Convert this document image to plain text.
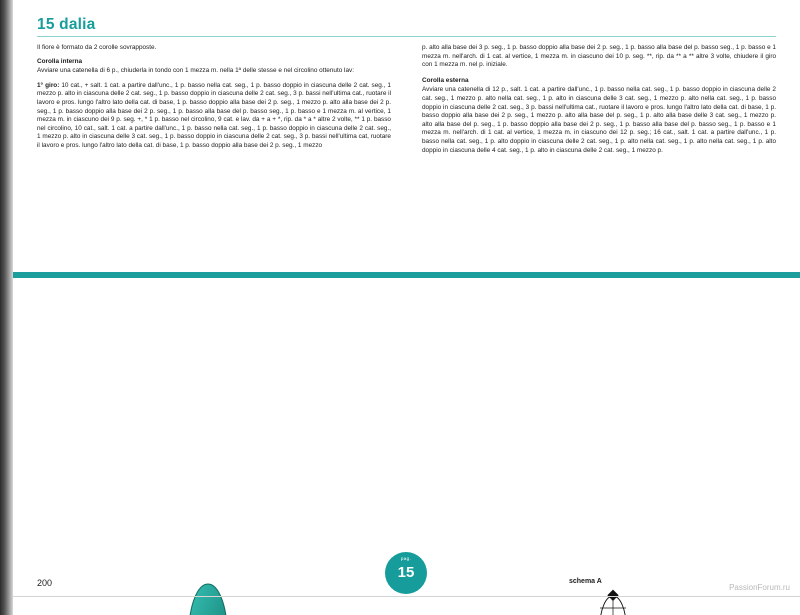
15 dalia

Il fiore è formato da 2 corolle sovrapposte.

Corolla interna

Avviare una catenella di 6 p., chiuderla in tondo con 1 mezza m. nella 1ª delle stesse e nel circolino ottenuto lav:

1° giro: 10 cat., + salt. 1 cat. a partire dall'unc., 1 p. basso nella cat. seg., 1 p. basso doppio in ciascuna delle 2 cat. seg., 1 mezzo p. alto in ciascuna delle 2 cat. seg., 1 p. basso doppio in ciascuna delle 2 cat. seg., 3 p. bassi nell'ultima cat., ruotare il lavoro e pros. lungo l'altro lato della cat. di base, 1 p. basso doppio alla base dei 2 p. seg., 1 mezzo p. alto alla base dei 2 p. seg., 1 p. basso doppio alla base dei 2 p. seg., 1 p. basso alla base del p. basso seg., 1 p. basso e 1 mezza m. al vertice, 1 mezza m. in ciascuno dei 9 p. seg. +, * 1 p. basso nel circolino, 9 cat. e lav. da + a + *, rip. da * a * altre 2 volte, ** 1 p. basso nel circolino, 10 cat., salt. 1 cat. a partire dall'unc., 1 p. basso nella cat. seg., 1 p. basso doppio in ciascuna delle 2 cat. seg., 1 mezzo p. alto in ciascuna delle 3 cat. seg., 1 p. basso doppio in ciascuna delle 2 cat. seg., 3 p. bassi nell'ultima cat, ruotare il lavoro e pros. lungo l'altro lato della cat. di base, 1 p. basso doppio alla base dei 2 p. seg., 1 mezzo

p. alto alla base dei 3 p. seg., 1 p. basso doppio alla base dei 2 p. seg., 1 p. basso alla base del p. basso seg., 1 p. basso e 1 mezza m. nell'arch. di 1 cat. al vertice, 1 mezza m. in ciascuno dei 10 p. seg. **, rip. da ** a ** altre 3 volte, chiudere il giro con 1 mezza m. nel p. iniziale.

Corolla esterna

Avviare una catenella di 12 p., salt. 1 cat. a partire dall'unc., 1 p. basso nella cat. seg., 1 p. basso doppio in ciascuna delle 2 cat. seg., 1 mezzo p. alto nella cat. seg., 1 p. alto in ciascuna delle 3 cat. seg., 1 mezzo p. alto nella cat. seg., 1 p. basso doppio in ciascuna delle 2 cat. seg., 3 p. bassi nell'ultima cat., ruotare il lavoro e pros. lungo l'altro lato della cat. di base, 1 p. basso doppio alla base dei 2 p. seg., 1 mezzo p. alto alla base del p. seg., 1 p. alto alla base delle 3 cat. seg., 1 mezzo p. alto alla base del p. seg., 1 p. basso doppio alla base dei 2 p. seg., 1 p. basso alla base del p. basso seg., 1 p. basso e 1 mezza m. nell'arch. di 1 cat. al vertice, 1 mezza m. in ciascuno dei 12 p. seg.; 16 cat., salt. 1 cat. a partire dall'unc., 1 p. basso nella cat. seg., 1 p. alto doppio in ciascuna delle 2 cat. seg., 1 p. alto nella cat. seg., 1 p. alto nella cat. seg., 1 p. alto doppio in ciascuna delle 4 cat. seg., 1 p. alto in ciascuna delle 2 cat. seg., 1 mezzo p.

schema A
200
pag.
15
PassionForum.ru
